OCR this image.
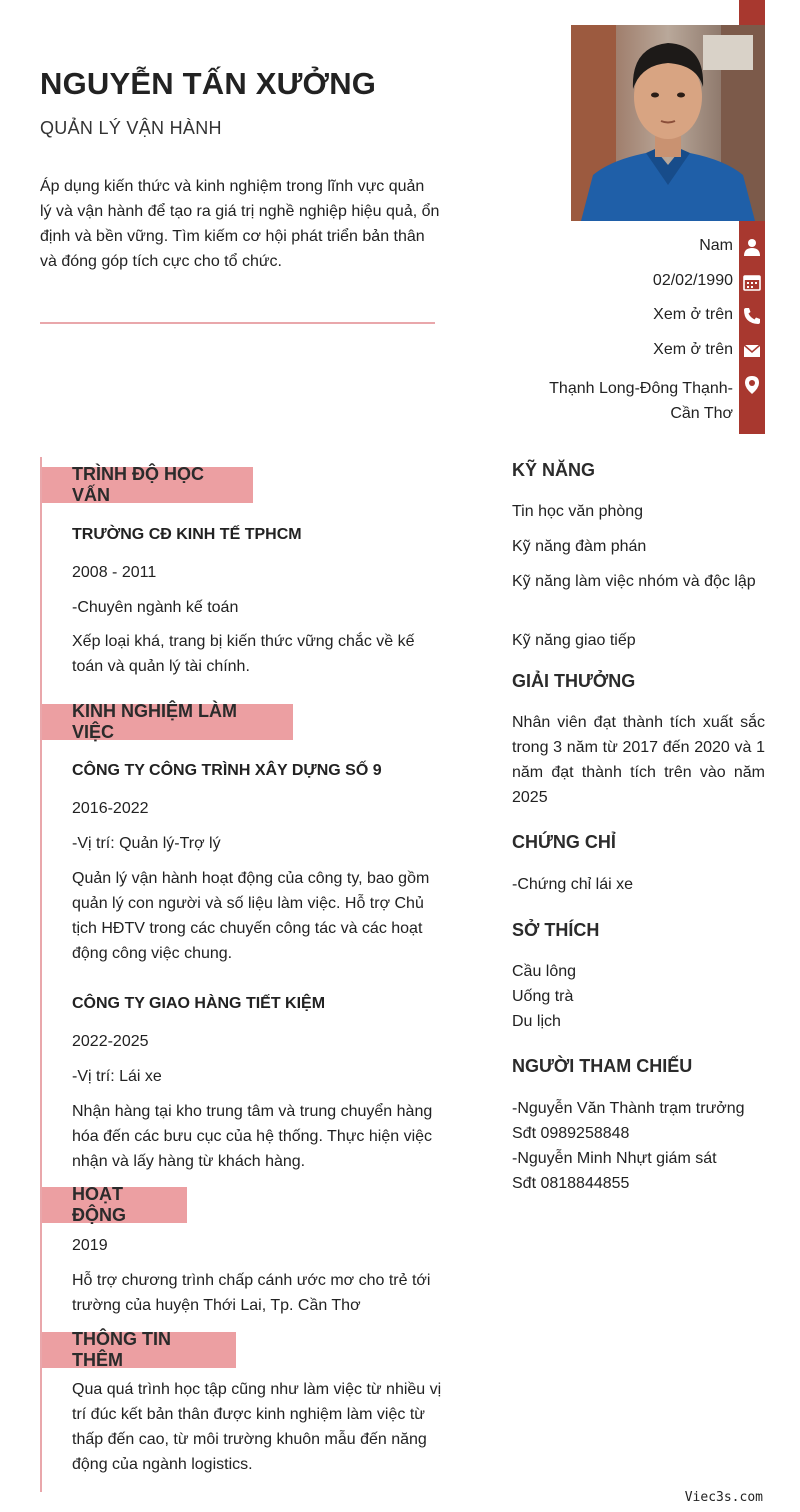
NGUYỄN TẤN XƯỞNG
QUẢN LÝ VẬN HÀNH
Áp dụng kiến thức và kinh nghiệm trong lĩnh vực quản lý và vận hành để tạo ra giá trị nghề nghiệp hiệu quả, ổn định và bền vững. Tìm kiếm cơ hội phát triển bản thân và đóng góp tích cực cho tổ chức.
Nam
02/02/1990
Xem ở trên
Xem ở trên
Thạnh Long-Đông Thạnh-
Cần Thơ
TRÌNH ĐỘ HỌC VẤN
TRƯỜNG CĐ KINH TẾ TPHCM
2008 - 2011
-Chuyên ngành kế toán
Xếp loại khá, trang bị kiến thức vững chắc về kế toán và quản lý tài chính.
KINH NGHIỆM LÀM VIỆC
CÔNG TY CÔNG TRÌNH XÂY DỰNG SỐ 9
2016-2022
-Vị trí: Quản lý-Trợ lý
Quản lý vận hành hoạt động của công ty, bao gồm quản lý con người và số liệu làm việc. Hỗ trợ Chủ tịch HĐTV trong các chuyến công tác và các hoạt động công việc chung.
CÔNG TY GIAO HÀNG TIẾT KIỆM
2022-2025
-Vị trí: Lái xe
Nhận hàng tại kho trung tâm và trung chuyển hàng hóa đến các bưu cục của hệ thống. Thực hiện việc nhận và lấy hàng từ khách hàng.
HOẠT ĐỘNG
2019
Hỗ trợ chương trình chấp cánh ước mơ cho trẻ tới trường của huyện Thới Lai, Tp. Cần Thơ
THÔNG TIN THÊM
Qua quá trình học tập cũng như làm việc từ nhiều vị trí đúc kết bản thân được kinh nghiệm làm việc từ thấp đến cao, từ môi trường khuôn mẫu đến năng động của ngành logistics.
KỸ NĂNG
Tin học văn phòng
Kỹ năng đàm phán
Kỹ năng làm việc nhóm và độc lập
Kỹ năng giao tiếp
GIẢI THƯỞNG
Nhân viên đạt thành tích xuất sắc trong 3 năm từ 2017 đến 2020 và 1 năm đạt thành tích trên vào năm 2025
CHỨNG CHỈ
-Chứng chỉ lái xe
SỞ THÍCH
Cầu lông
Uống trà
Du lịch
NGƯỜI THAM CHIẾU
-Nguyễn Văn Thành trạm trưởng
Sđt 0989258848
-Nguyễn Minh Nhựt giám sát
Sđt 0818844855
Viec3s.com
